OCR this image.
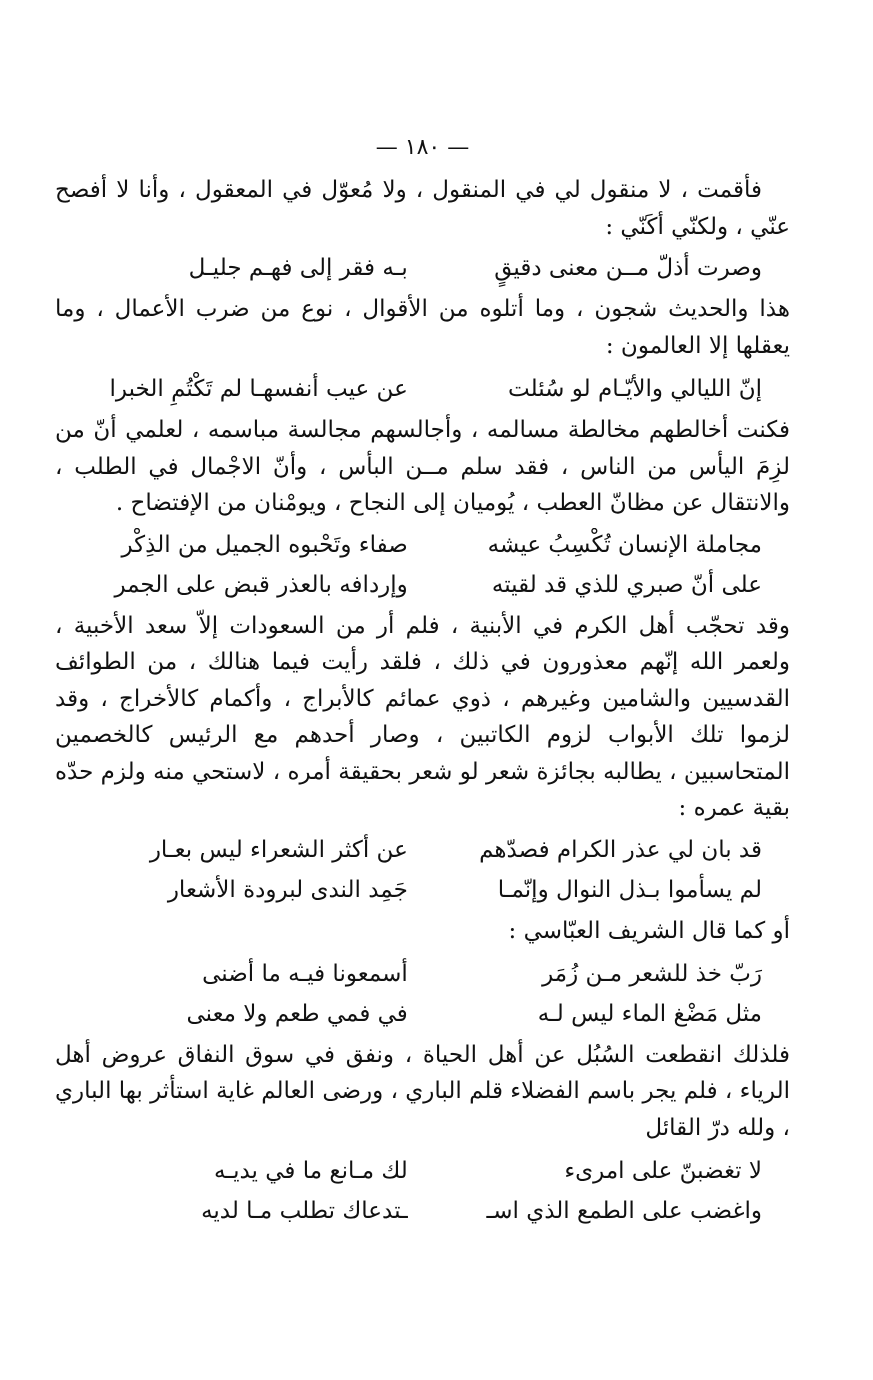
— ١٨٠ —

فأقمت ، لا منقول لي في المنقول ، ولا مُعوّل في المعقول ، وأنا لا أفصح عنّي ، ولكنّي أكَنّي :

وصرت أذلّ مــن معنى دقيقٍ
بـه فقر إلى فهـم جليـل

هذا والحديث شجون ، وما أتلوه من الأقوال ، نوع من ضرب الأعمال ، وما يعقلها إلا العالمون :

إنّ الليالي والأيّـام لو سُئلت
عن عيب أنفسهـا لم تَكْتُمِ الخبرا

فكنت أخالطهم مخالطة مسالمه ، وأجالسهم مجالسة مباسمه ، لعلمي أنّ من لزِمَ اليأس من الناس ، فقد سلم مــن البأس ، وأنّ الاجْمال في الطلب ، والانتقال عن مظانّ العطب ، يُوميان إلى النجاح ، ويومْنان من الإفتضاح .

مجاملة الإنسان تُكْسِبُ عيشه
صفاء وتَحْبوه الجميل من الذِكْر
على أنّ صبري للذي قد لقيته
وإردافه بالعذر قبض على الجمر

وقد تحجّب أهل الكرم في الأبنية ، فلم أر من السعودات إلاّ سعد الأخبية ، ولعمر الله إنّهم معذورون في ذلك ، فلقد رأيت فيما هنالك ، من الطوائف القدسيين والشامين وغيرهم ، ذوي عمائم كالأبراج ، وأكمام كالأخراج ، وقد لزموا تلك الأبواب لزوم الكاتبين ، وصار أحدهم مع الرئيس كالخصمين المتحاسبين ، يطالبه بجائزة شعر لو شعر بحقيقة أمره ، لاستحي منه ولزم حدّه بقية عمره :

قد بان لي عذر الكرام فصدّهم
عن أكثر الشعراء ليس بعـار
لم يسأموا بـذل النوال وإنّمـا
جَمِد الندى لبرودة الأشعار
أو كما قال الشريف العبّاسي :
رَبّ خذ للشعر مـن زُمَر
أسمعونا فيـه ما أضنى
مثل مَضْغ الماء ليس لـه
في فمي طعم ولا معنى

فلذلك انقطعت السُبُل عن أهل الحياة ، ونفق في سوق النفاق عروض أهل الرياء ، فلم يجر باسم الفضلاء قلم الباري ، ورضى العالم غاية استأثر بها الباري ، ولله درّ القائل

لا تغضبنّ على امرىء
لك مـانع ما في يديـه
واغضب على الطمع الذي اسـ
ـتدعاك تطلب مـا لديه
